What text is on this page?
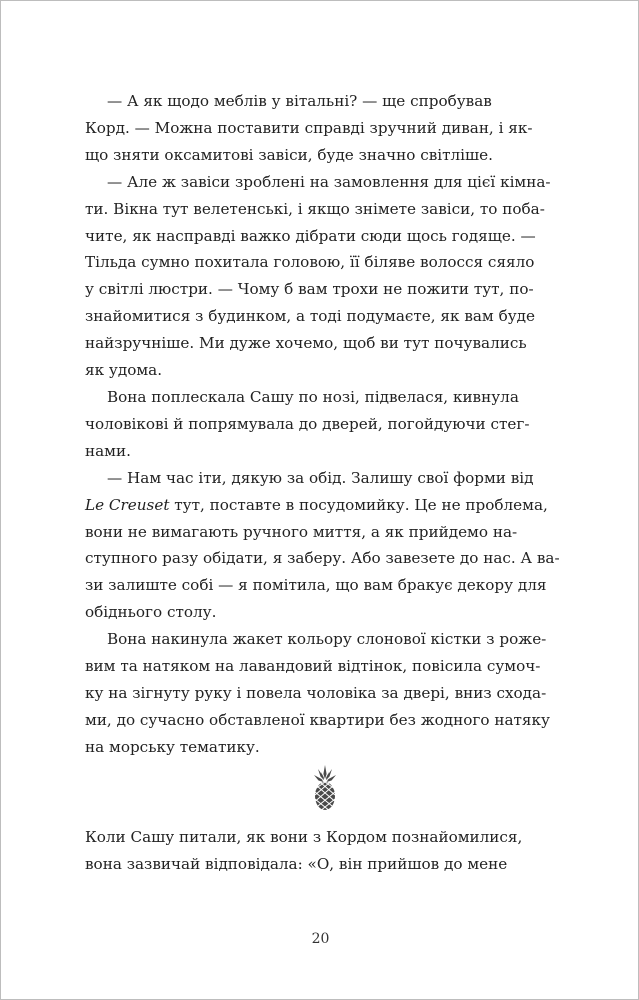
— А як щодо меблів у вітальні? — ще спробував
Корд. — Можна поставити справді зручний диван, і як-
що зняти оксамитові завіси, буде значно світліше.

— Але ж завіси зроблені на замовлення для цієї кімна-
ти. Вікна тут велетенські, і якщо знімете завіси, то поба-
чите, як насправді важко дібрати сюди щось годяще. —
Тільда сумно похитала головою, її біляве волосся сяяло
у світлі люстри. — Чому б вам трохи не пожити тут, по-
знайомитися з будинком, а тоді подумаєте, як вам буде
найзручніше. Ми дуже хочемо, щоб ви тут почувались
як удома.

Вона поплескала Сашу по нозі, підвелася, кивнула
чоловікові й попрямувала до дверей, погойдуючи стег-
нами.

— Нам час іти, дякую за обід. Залишу свої форми від
Le Creuset тут, поставте в посудомийку. Це не проблема,
вони не вимагають ручного миття, а як прийдемо на-
ступного разу обідати, я заберу. Або завезете до нас. А ва-
зи залиште собі — я помітила, що вам бракує декору для
обіднього столу.

Вона накинула жакет кольору слонової кістки з роже-
вим та натяком на лавандовий відтінок, повісила сумоч-
ку на зігнуту руку і повела чоловіка за двері, вниз схода-
ми, до сучасно обставленої квартири без жодного натяку
на морську тематику.

Коли Сашу питали, як вони з Кордом познайомилися,
вона зазвичай відповідала: «О, він прийшов до мене

20
